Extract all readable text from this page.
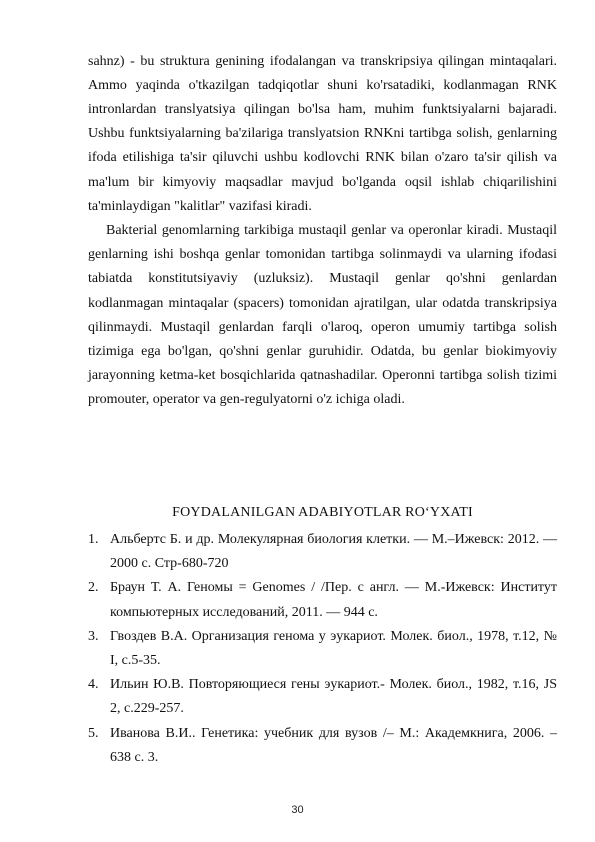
sahnz) - bu struktura genining ifodalangan va transkripsiya qilingan mintaqalari. Ammo yaqinda o'tkazilgan tadqiqotlar shuni ko'rsatadiki, kodlanmagan RNK intronlardan translyatsiya qilingan bo'lsa ham, muhim funktsiyalarni bajaradi. Ushbu funktsiyalarning ba'zilariga translyatsion RNKni tartibga solish, genlarning ifoda etilishiga ta'sir qiluvchi ushbu kodlovchi RNK bilan o'zaro ta'sir qilish va ma'lum bir kimyoviy maqsadlar mavjud bo'lganda oqsil ishlab chiqarilishini ta'minlaydigan "kalitlar" vazifasi kiradi.

Bakterial genomlarning tarkibiga mustaqil genlar va operonlar kiradi. Mustaqil genlarning ishi boshqa genlar tomonidan tartibga solinmaydi va ularning ifodasi tabiatda konstitutsiyaviy (uzluksiz). Mustaqil genlar qo'shni genlardan kodlanmagan mintaqalar (spacers) tomonidan ajratilgan, ular odatda transkripsiya qilinmaydi. Mustaqil genlardan farqli o'laroq, operon umumiy tartibga solish tizimiga ega bo'lgan, qo'shni genlar guruhidir. Odatda, bu genlar biokimyoviy jarayonning ketma-ket bosqichlarida qatnashadilar. Operonni tartibga solish tizimi promouter, operator va gen-regulyatorni o'z ichiga oladi.

FOYDALANILGAN ADABIYOTLAR RO‘YXATI
1. Альбертс Б. и др. Молекулярная биология клетки. — М.–Ижевск: 2012. —2000 с. Стр-680-720
2. Браун Т. А. Геномы = Genomes / /Пер. с англ. — М.-Ижевск: Институт компьютерных исследований, 2011. — 944 с.
3. Гвоздев В.А. Организация генома у эукариот. Молек. биол., 1978, т.12, № I, с.5-35.
4. Ильин Ю.В. Повторяющиеся гены эукариот.- Молек. биол., 1982, т.16, JS 2, с.229-257.
5. Иванова В.И.. Генетика: учебник для вузов /– М.: Академкнига, 2006. – 638 с. 3.
30
